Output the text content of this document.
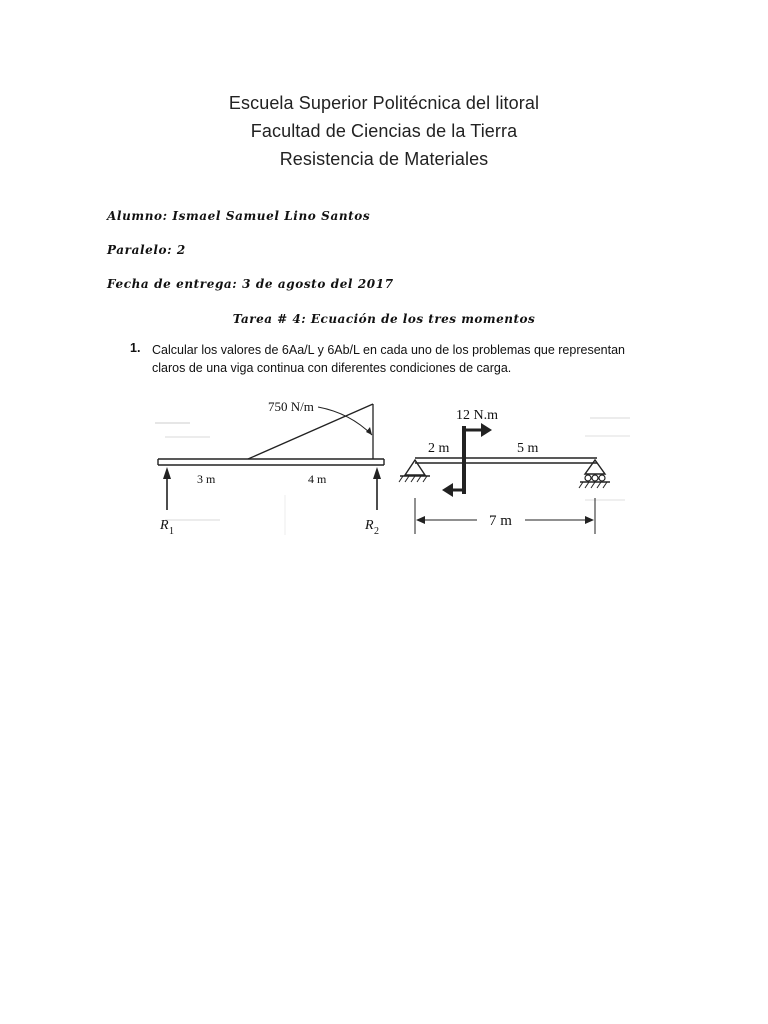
Escuela Superior Politécnica del litoral
Facultad de Ciencias de la Tierra
Resistencia de Materiales
Alumno: Ismael Samuel Lino Santos
Paralelo: 2
Fecha de entrega: 3 de agosto del 2017
Tarea # 4: Ecuación de los tres momentos
1. Calcular los valores de 6Aa/L y 6Ab/L en cada uno de los problemas que representan claros de una viga continua con diferentes condiciones de carga.
750 N/m
3 m	4 m
R 1	R 2
12 N.m
2 m	5 m
7 m
